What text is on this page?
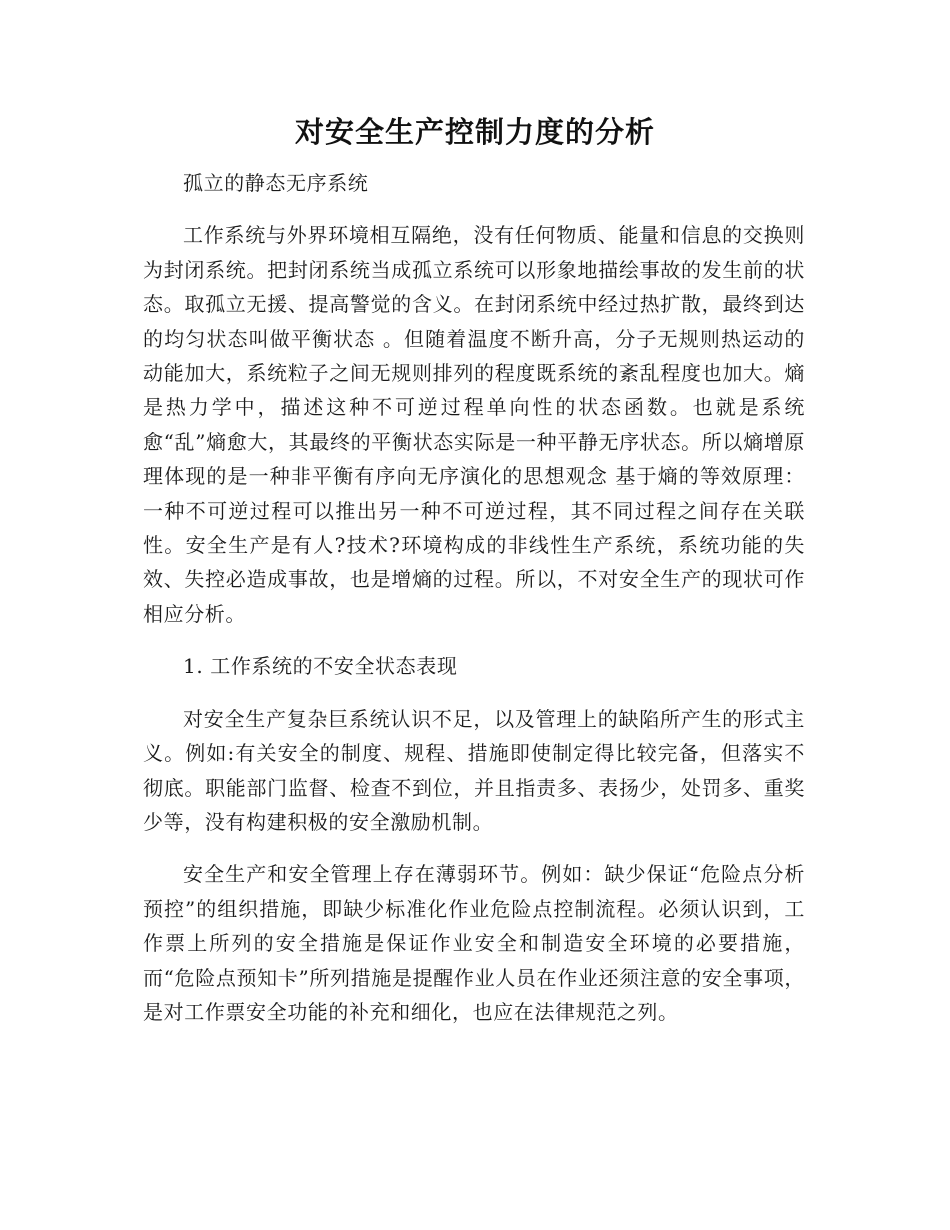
对安全生产控制力度的分析

孤立的静态无序系统

工作系统与外界环境相互隔绝，没有任何物质、能量和信息的交换则为封闭系统。把封闭系统当成孤立系统可以形象地描绘事故的发生前的状态。取孤立无援、提高警觉的含义。在封闭系统中经过热扩散，最终到达的均匀状态叫做平衡状态 。但随着温度不断升高，分子无规则热运动的动能加大，系统粒子之间无规则排列的程度既系统的紊乱程度也加大。熵是热力学中，描述这种不可逆过程单向性的状态函数。也就是系统愈“乱”熵愈大，其最终的平衡状态实际是一种平静无序状态。所以熵增原理体现的是一种非平衡有序向无序演化的思想观念 基于熵的等效原理：一种不可逆过程可以推出另一种不可逆过程，其不同过程之间存在关联性。安全生产是有人?技术?环境构成的非线性生产系统，系统功能的失效、失控必造成事故，也是增熵的过程。所以，不对安全生产的现状可作相应分析。

1. 工作系统的不安全状态表现

对安全生产复杂巨系统认识不足，以及管理上的缺陷所产生的形式主义。例如:有关安全的制度、规程、措施即使制定得比较完备，但落实不彻底。职能部门监督、检查不到位，并且指责多、表扬少，处罚多、重奖少等，没有构建积极的安全激励机制。

安全生产和安全管理上存在薄弱环节。例如：缺少保证“危险点分析预控”的组织措施，即缺少标准化作业危险点控制流程。必须认识到，工作票上所列的安全措施是保证作业安全和制造安全环境的必要措施，而“危险点预知卡”所列措施是提醒作业人员在作业还须注意的安全事项，是对工作票安全功能的补充和细化，也应在法律规范之列。
